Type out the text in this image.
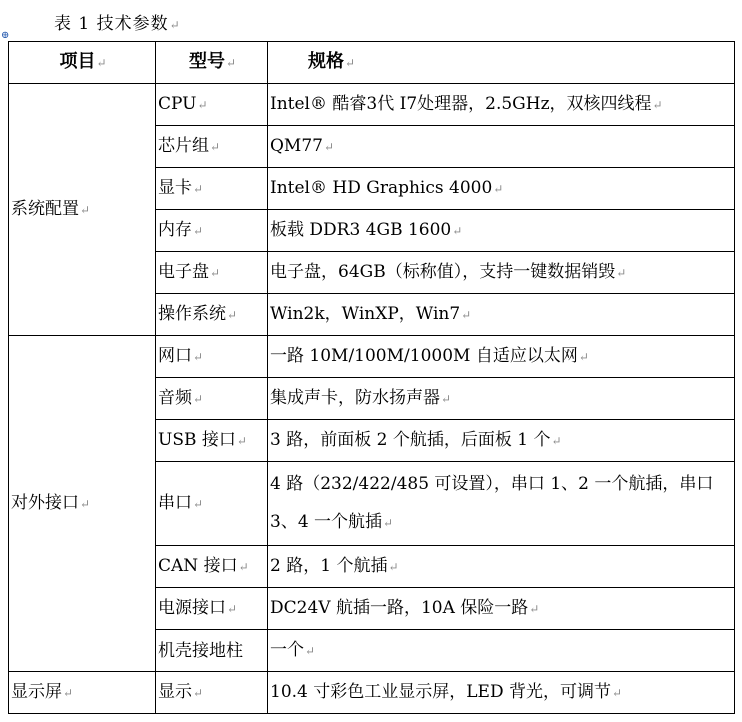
表 1 技术参数↵
⊕
项目↵	型号↵	规格↵
系统配置↵	CPU↵	Intel® 酷睿3代 I7处理器，2.5GHz，双核四线程↵
	芯片组↵	QM77↵
	显卡↵	Intel® HD Graphics 4000↵
	内存↵	板载 DDR3 4GB 1600↵
	电子盘↵	电子盘，64GB（标称值），支持一键数据销毁↵
	操作系统↵	Win2k，WinXP，Win7↵
对外接口↵	网口↵	一路 10M/100M/1000M 自适应以太网↵
	音频↵	集成声卡，防水扬声器↵
	USB 接口↵	3 路，前面板 2 个航插，后面板 1 个↵
	串口↵	4 路（232/422/485 可设置），串口 1、2 一个航插，串口 3、4 一个航插↵
	CAN 接口↵	2 路，1 个航插↵
	电源接口↵	DC24V 航插一路，10A 保险一路↵
	机壳接地柱	一个↵
显示屏↵	显示↵	10.4 寸彩色工业显示屏，LED 背光，可调节↵
